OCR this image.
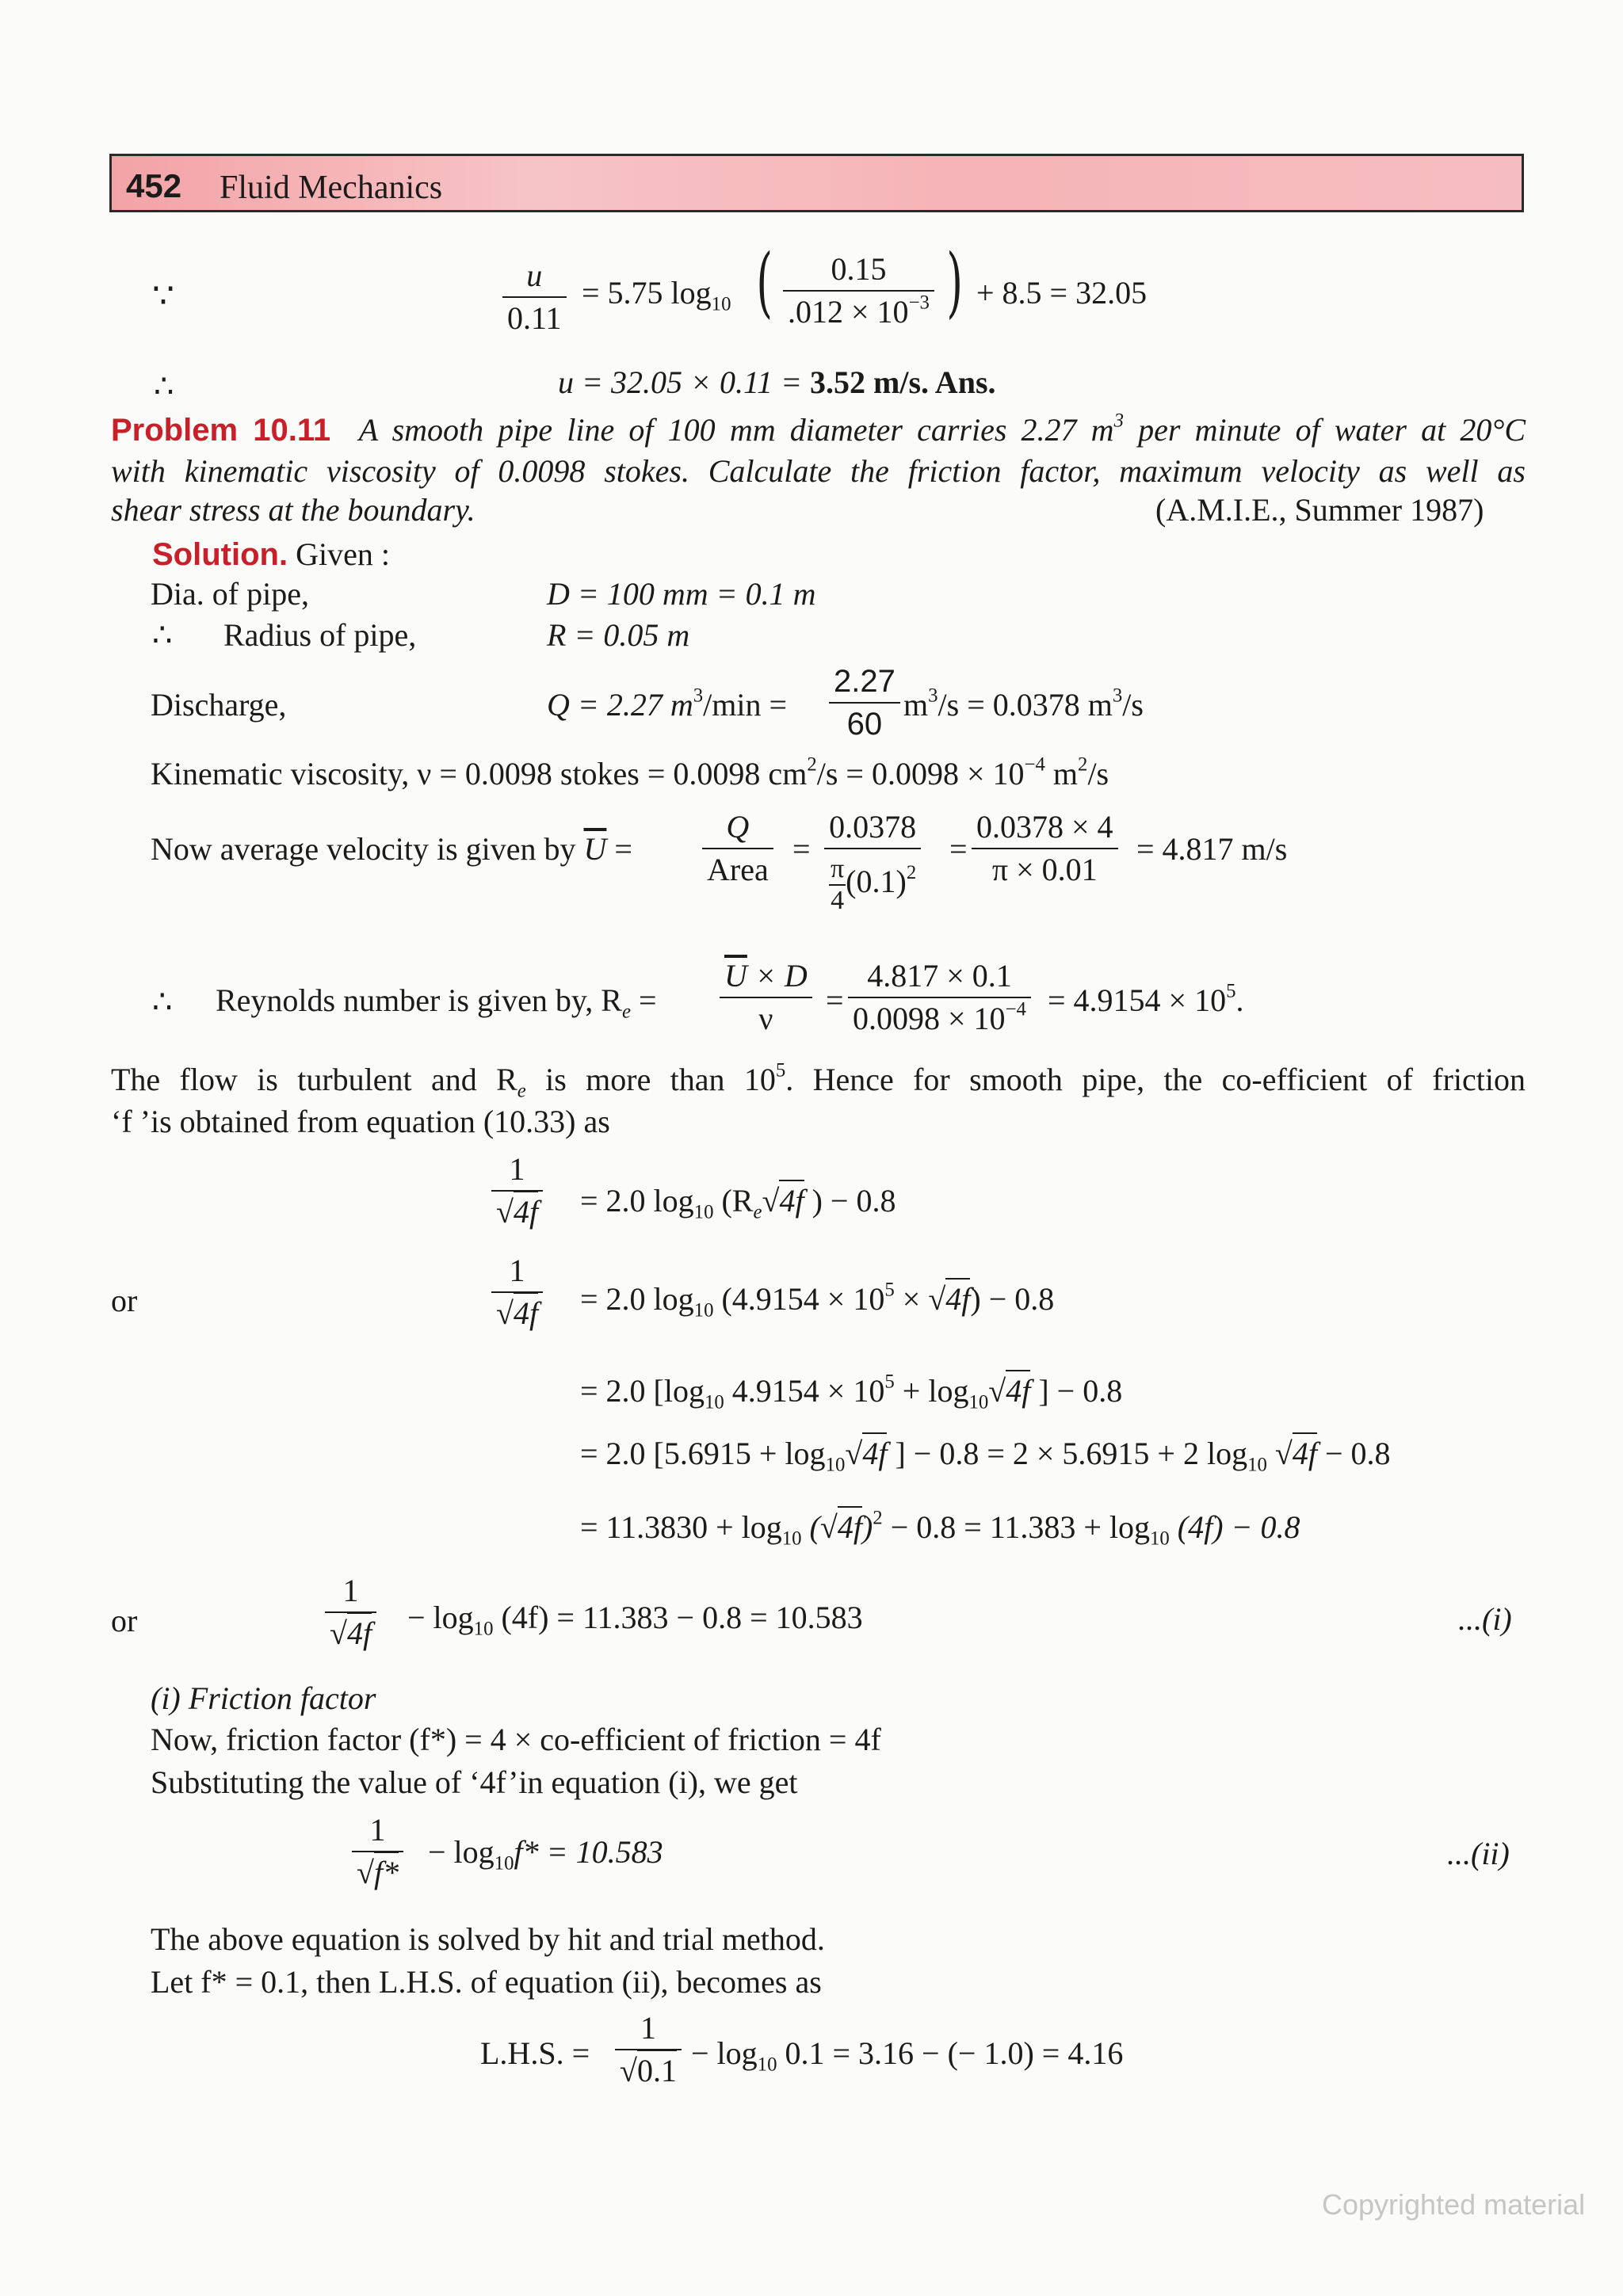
452 Fluid Mechanics
∵	$\frac{u}{0.11} = 5.75$ $\log_{10}$ ( $\frac{0.15}{.012 \times 10^{-3}}$ ) + 8.5 = 32.05
∴	u = 32.05 × 0.11 = 3.52 m/s. Ans.
Problem 10.11 A smooth pipe line of 100 mm diameter carries 2.27 $m^3$ per minute of water at 20°C
with kinematic viscosity of 0.0098 stokes. Calculate the friction factor, maximum velocity as well as
shear stress at the boundary.	(A.M.I.E., Summer 1987)
Solution. Given :
Dia. of pipe,	D = 100 mm = 0.1 m
∴ Radius of pipe,	R = 0.05 m
Discharge,	Q = 2.27 $m^3/\min = \frac{2.27}{60} m^3/s = 0.0378$ $m^3/s$
Kinematic viscosity, ν = 0.0098 stokes = 0.0098 $cm^2/s = 0.0098 \times 10^{-4}$ $m^2/s$
Now average velocity is given by $\overline{U}$ =
Q
Area
= $\frac{0.0378}{\frac{\pi}{4} (0.1)^2} = \frac{0.0378 \times 4}{\pi \times 0.01} = 4.817$ m/s
∴ Reynolds number is given by, $R_e = \frac{\overline{U} \times D}{\nu} = \frac{4.817 \times 0.1}{0.0098 \times 10^{-4}} = 4.9154 \times 10^5$.
The flow is turbulent and $R_e$ is more than $10^5$. Hence for smooth pipe, the co-efficient of friction
‘f ’is obtained from equation (10.33) as
$\frac{1}{√4f} = 2.0$ $\log_{10} (R_e√4f$ ) − 0.8
or	$\frac{1}{√4f} = 2.0$ $\log_{10} (4.9154 \times 10^5 \times √4f) - 0.8$
= 2.0 [$\log_{10}$ $4.9154 \times 10^5 + \log_{10}√4f$ ] − 0.8
= 2.0 [$5.6915 + \log_{10}√4f$ ] − 0.8 = 2 × 5.6915 + 2 $\log_{10} √4f - 0.8$
= $11.3830 + \log_{10} (√4f)^2 - 0.8 = 11.383 + \log_{10} (4f) - 0.8$
or	$\frac{1}{√4f} - \log_{10} (4f) = 11.383 - 0.8 = 10.583$	...(i)
(i) Friction factor
Now, friction factor (f*) = 4 × co-efficient of friction = 4f
Substituting the value of ‘4f’in equation (i), we get
$\frac{1}{√f*} - \log_{10}f* = 10.583$	...(ii)
The above equation is solved by hit and trial method.
Let f* = 0.1, then L.H.S. of equation (ii), becomes as
L.H.S. = $\frac{1}{√0.1} - \log_{10} 0.1 = 3.16$ − (− 1.0) = 4.16
Copyrighted material
